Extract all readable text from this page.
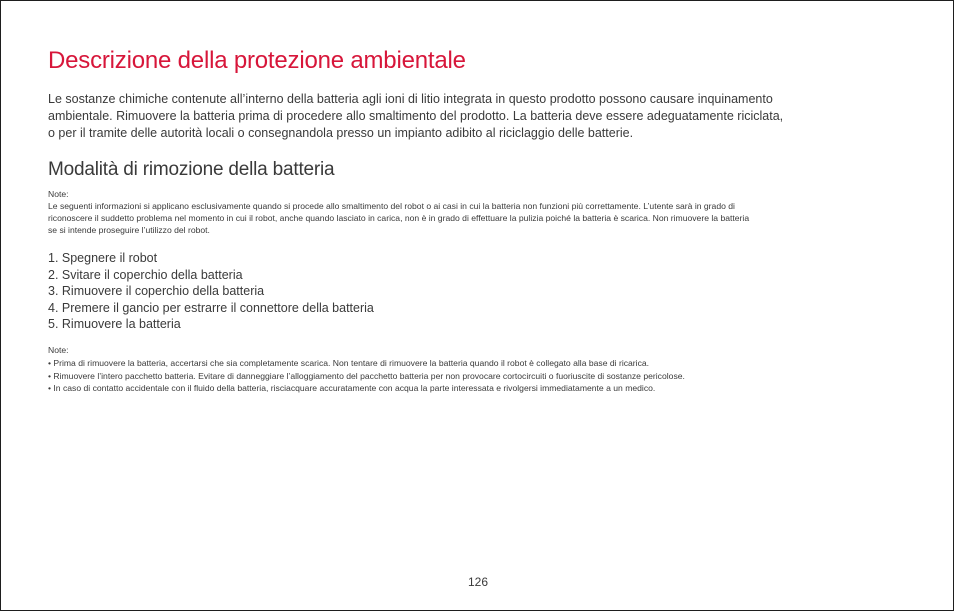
Descrizione della protezione ambientale

Le sostanze chimiche contenute all’interno della batteria agli ioni di litio integrata in questo prodotto possono causare inquinamento
ambientale. Rimuovere la batteria prima di procedere allo smaltimento del prodotto. La batteria deve essere adeguatamente riciclata,
o per il tramite delle autorità locali o consegnandola presso un impianto adibito al riciclaggio delle batterie.

Modalità di rimozione della batteria
Note:

Le seguenti informazioni si applicano esclusivamente quando si procede allo smaltimento del robot o ai casi in cui la batteria non funzioni più correttamente. L’utente sarà in grado di
riconoscere il suddetto problema nel momento in cui il robot, anche quando lasciato in carica, non è in grado di effettuare la pulizia poiché la batteria è scarica. Non rimuovere la batteria
se si intende proseguire l’utilizzo del robot.

1. Spegnere il robot
2. Svitare il coperchio della batteria
3. Rimuovere il coperchio della batteria
4. Premere il gancio per estrarre il connettore della batteria
5. Rimuovere la batteria
Note:
• Prima di rimuovere la batteria, accertarsi che sia completamente scarica. Non tentare di rimuovere la batteria quando il robot è collegato alla base di ricarica.
• Rimuovere l’intero pacchetto batteria. Evitare di danneggiare l’alloggiamento del pacchetto batteria per non provocare cortocircuiti o fuoriuscite di sostanze pericolose.
• In caso di contatto accidentale con il fluido della batteria, risciacquare accuratamente con acqua la parte interessata e rivolgersi immediatamente a un medico.
126
